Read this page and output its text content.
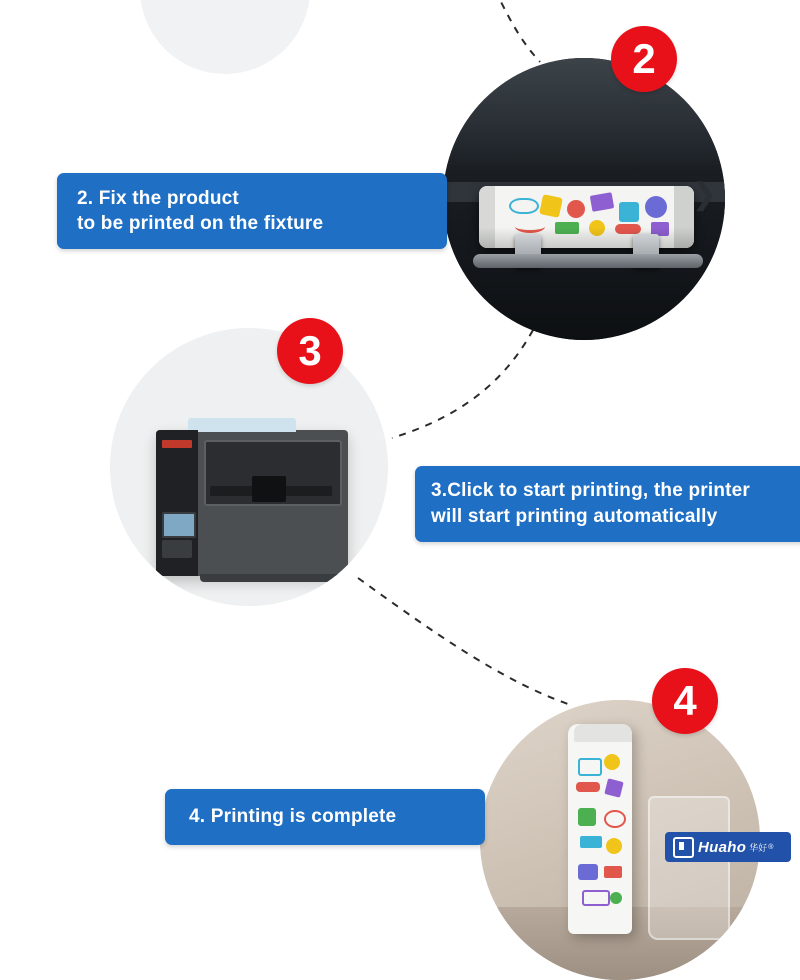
❯
2
3
4
2. Fix the product
to be printed on the fixture
3.Click to start printing, the printer
will start printing automatically
4. Printing is complete
Huaho 华好 ®
